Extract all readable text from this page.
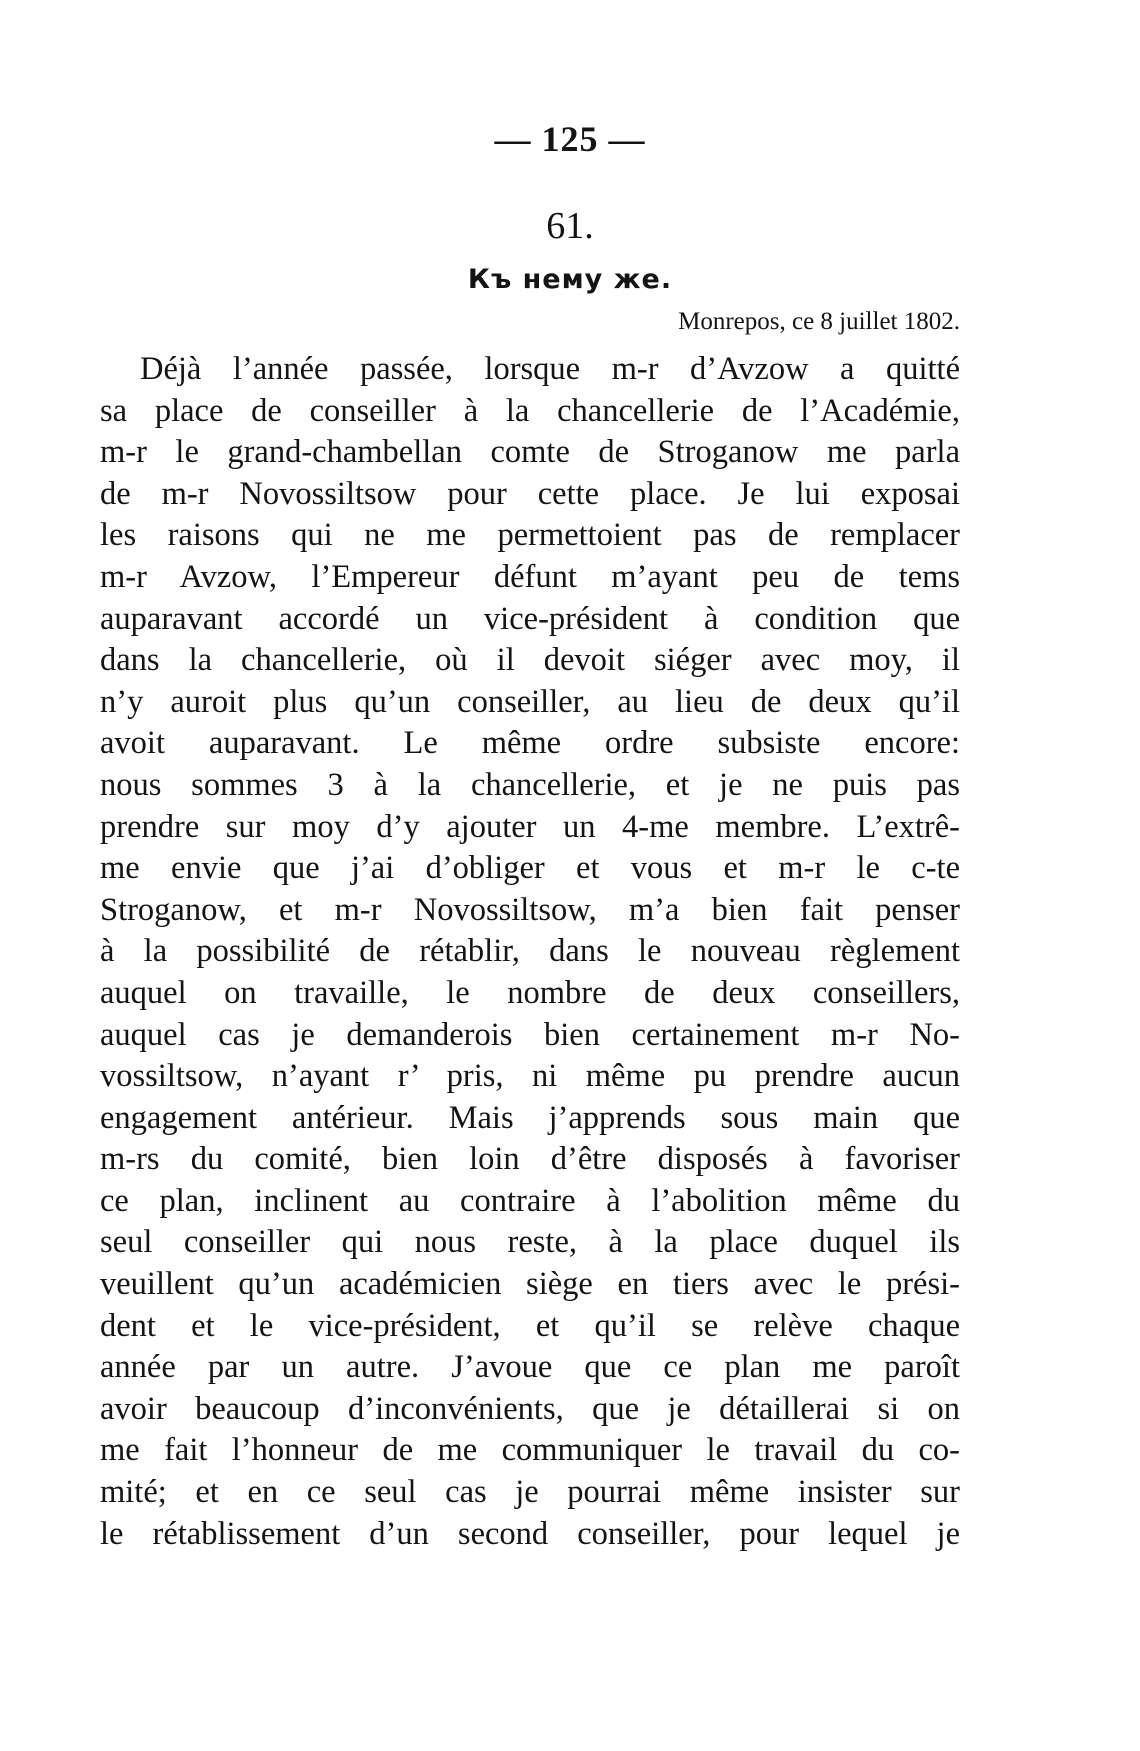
— 125 —
61.
Къ нему же.
Monrepos, ce 8 juillet 1802.
Déjà l’année passée, lorsque m-r d’Avzow a quitté
sa place de conseiller à la chancellerie de l’Académie,
m-r le grand-chambellan comte de Stroganow me parla
de m-r Novossiltsow pour cette place. Je lui exposai
les raisons qui ne me permettoient pas de remplacer
m-r Avzow, l’Empereur défunt m’ayant peu de tems
auparavant accordé un vice-président à condition que
dans la chancellerie, où il devoit siéger avec moy, il
n’y auroit plus qu’un conseiller, au lieu de deux qu’il
avoit auparavant. Le même ordre subsiste encore:
nous sommes 3 à la chancellerie, et je ne puis pas
prendre sur moy d’y ajouter un 4-me membre. L’extrê-
me envie que j’ai d’obliger et vous et m-r le c-te
Stroganow, et m-r Novossiltsow, m’a bien fait penser
à la possibilité de rétablir, dans le nouveau règlement
auquel on travaille, le nombre de deux conseillers,
auquel cas je demanderois bien certainement m-r No-
vossiltsow, n’ayant r’ pris, ni même pu prendre aucun
engagement antérieur. Mais j’apprends sous main que
m-rs du comité, bien loin d’être disposés à favoriser
ce plan, inclinent au contraire à l’abolition même du
seul conseiller qui nous reste, à la place duquel ils
veuillent qu’un académicien siège en tiers avec le prési-
dent et le vice-président, et qu’il se relève chaque
année par un autre. J’avoue que ce plan me paroît
avoir beaucoup d’inconvénients, que je détaillerai si on
me fait l’honneur de me communiquer le travail du co-
mité; et en ce seul cas je pourrai même insister sur
le rétablissement d’un second conseiller, pour lequel je
